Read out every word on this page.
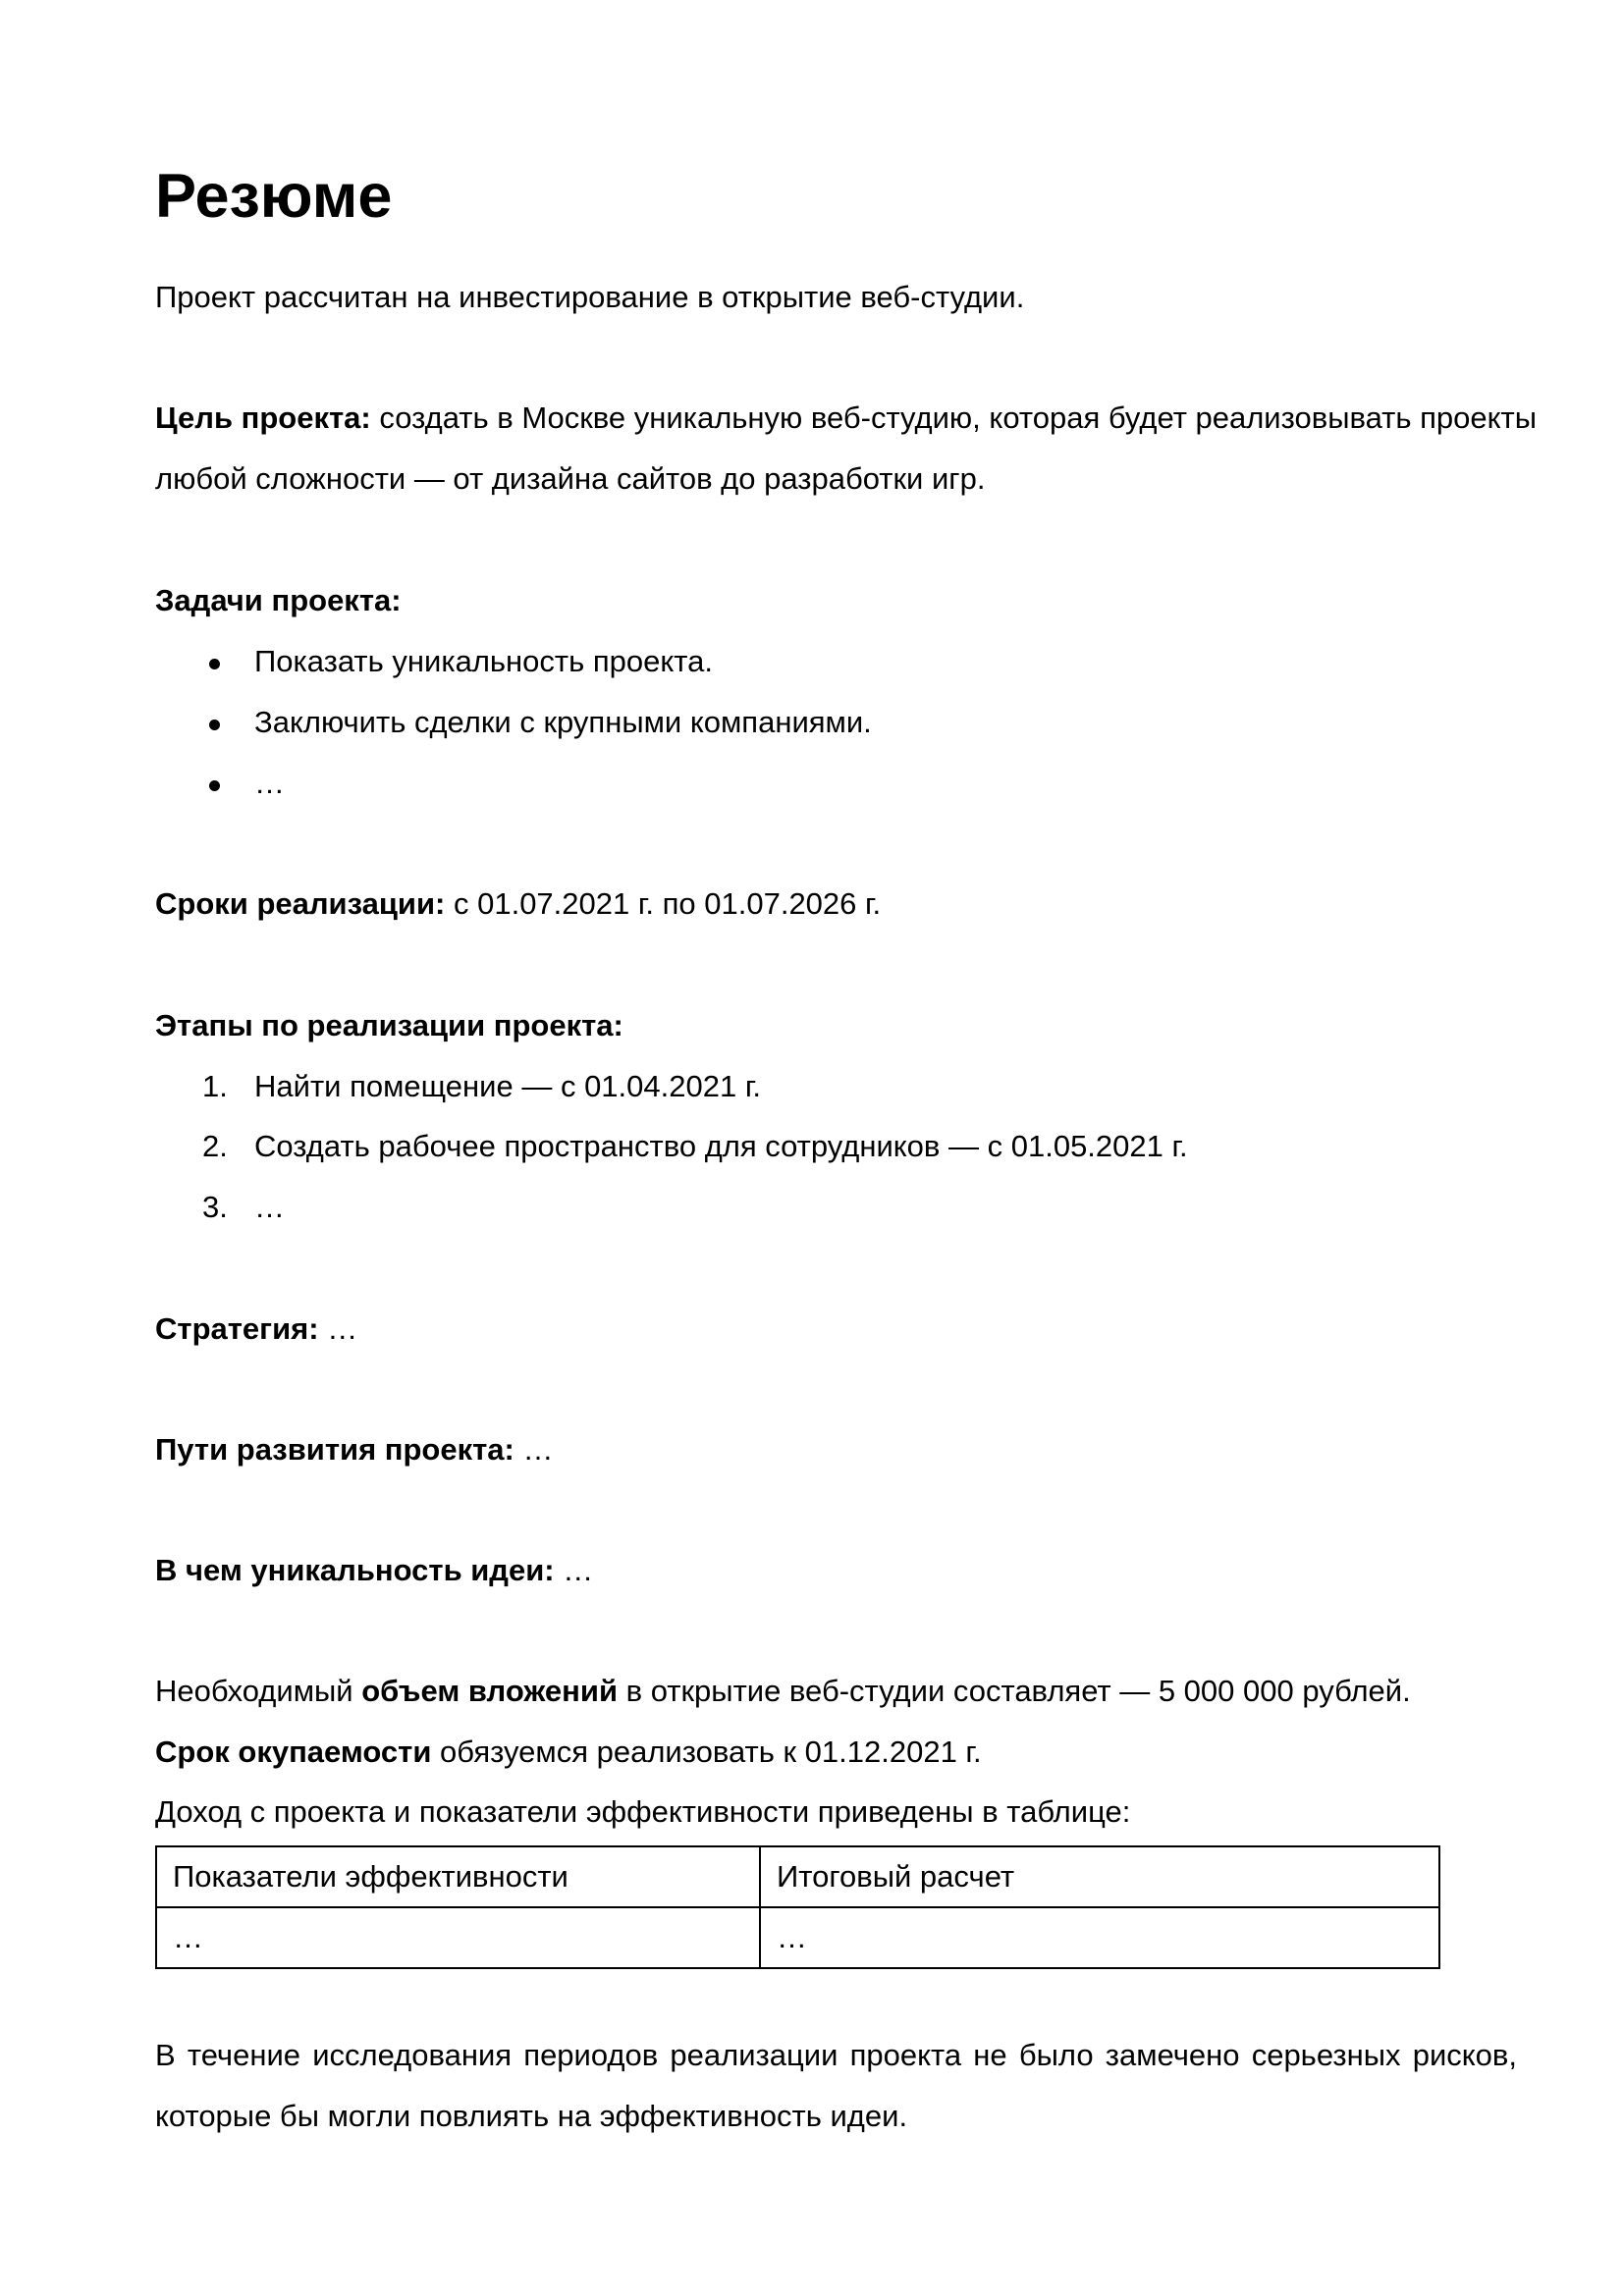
Резюме

Проект рассчитан на инвестирование в открытие веб-студии.

Цель проекта: создать в Москве уникальную веб-студию, которая будет реализовывать проекты

любой сложности — от дизайна сайтов до разработки игр.

Задачи проекта:

Показать уникальность проекта.

Заключить сделки с крупными компаниями.

…

Сроки реализации: с 01.07.2021 г. по 01.07.2026 г.

Этапы по реализации проекта:

1. Найти помещение — с 01.04.2021 г.

2. Создать рабочее пространство для сотрудников — с 01.05.2021 г.

3. …

Стратегия: …

Пути развития проекта: …

В чем уникальность идеи: …

Необходимый объем вложений в открытие веб-студии составляет — 5 000 000 рублей.

Срок окупаемости обязуемся реализовать к 01.12.2021 г.

Доход с проекта и показатели эффективности приведены в таблице:

Показатели эффективности	Итоговый расчет
…	…

В течение исследования периодов реализации проекта не было замечено серьезных рисков,

которые бы могли повлиять на эффективность идеи.
